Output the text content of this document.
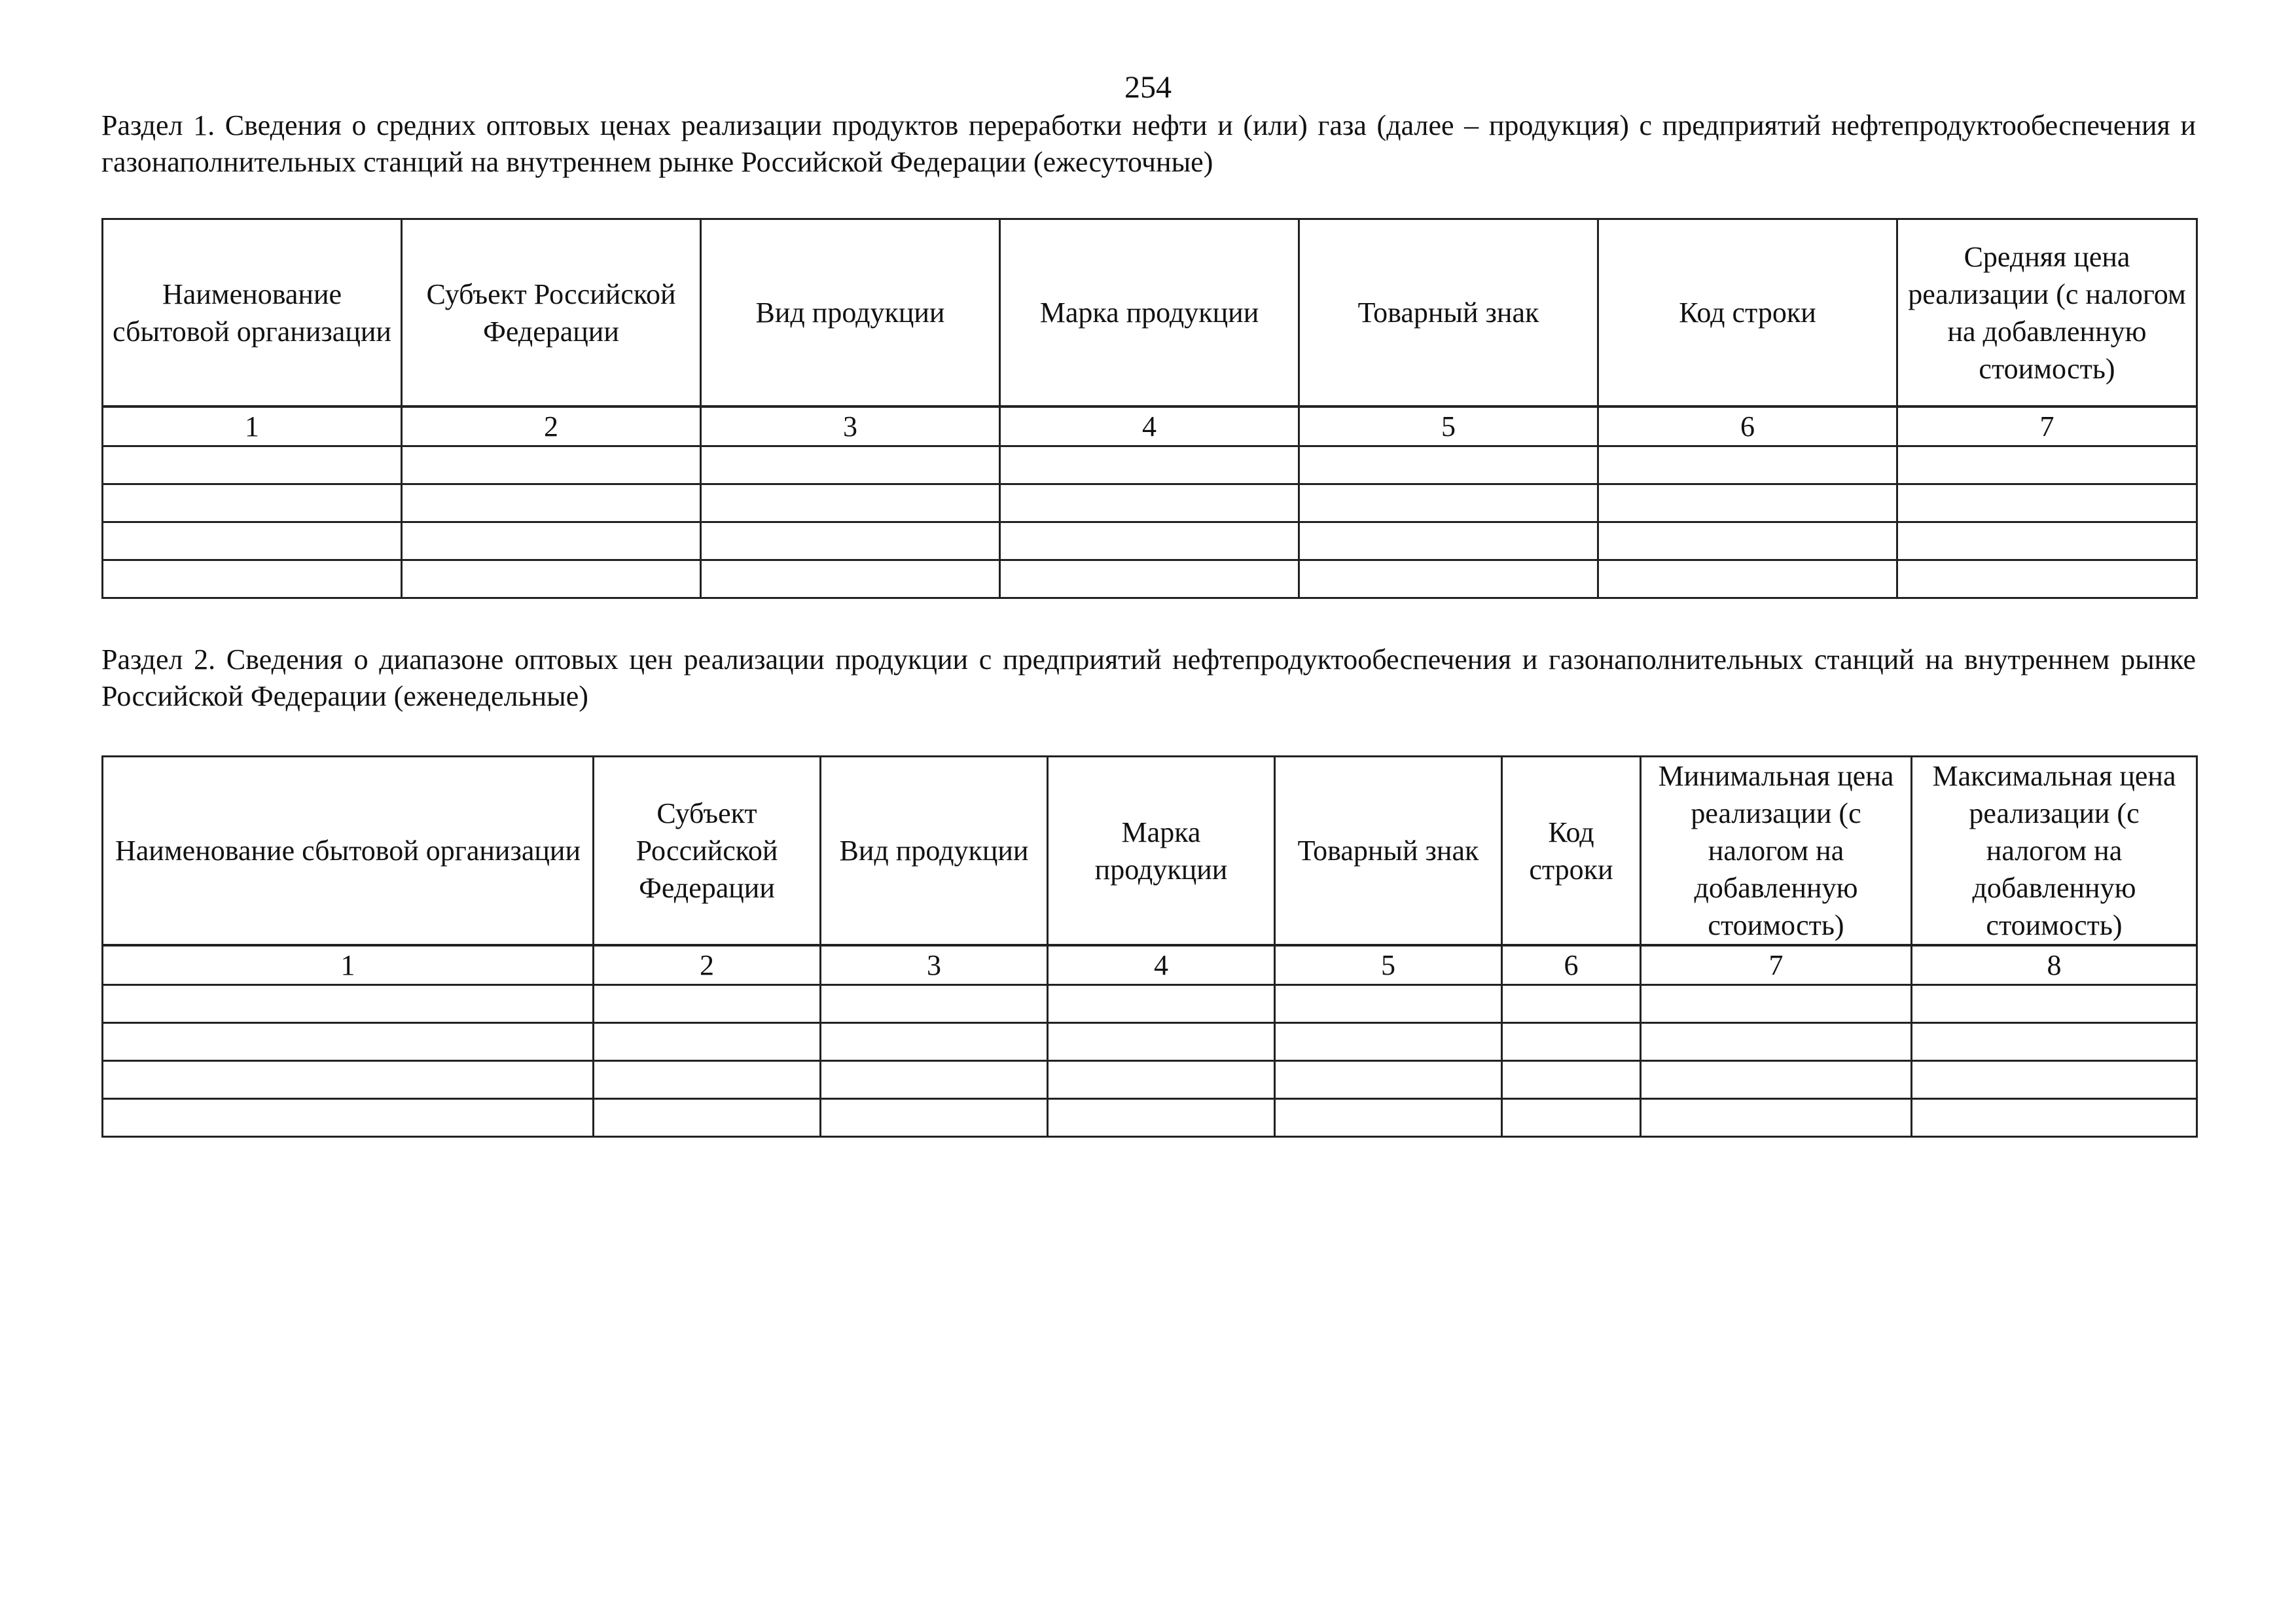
254
Раздел 1. Сведения о средних оптовых ценах реализации продуктов переработки нефти и (или) газа (далее – продукция) с предприятий нефтепродуктообеспечения и газонаполнительных станций на внутреннем рынке Российской Федерации (ежесуточные)
Наименование сбытовой организации	Субъект Российской Федерации	Вид продукции	Марка продукции	Товарный знак	Код строки	Средняя цена реализации (с налогом на добавленную стоимость)
1	2	3	4	5	6	7

Раздел 2. Сведения о диапазоне оптовых цен реализации продукции с предприятий нефтепродуктообеспечения и газонаполнительных станций на внутреннем рынке Российской Федерации (еженедельные)
Наименование сбытовой организации	Субъект Российской Федерации	Вид продукции	Марка продукции	Товарный знак	Код строки	Минимальная цена реализации (с налогом на добавленную стоимость)	Максимальная цена реализации (с налогом на добавленную стоимость)
1	2	3	4	5	6	7	8
